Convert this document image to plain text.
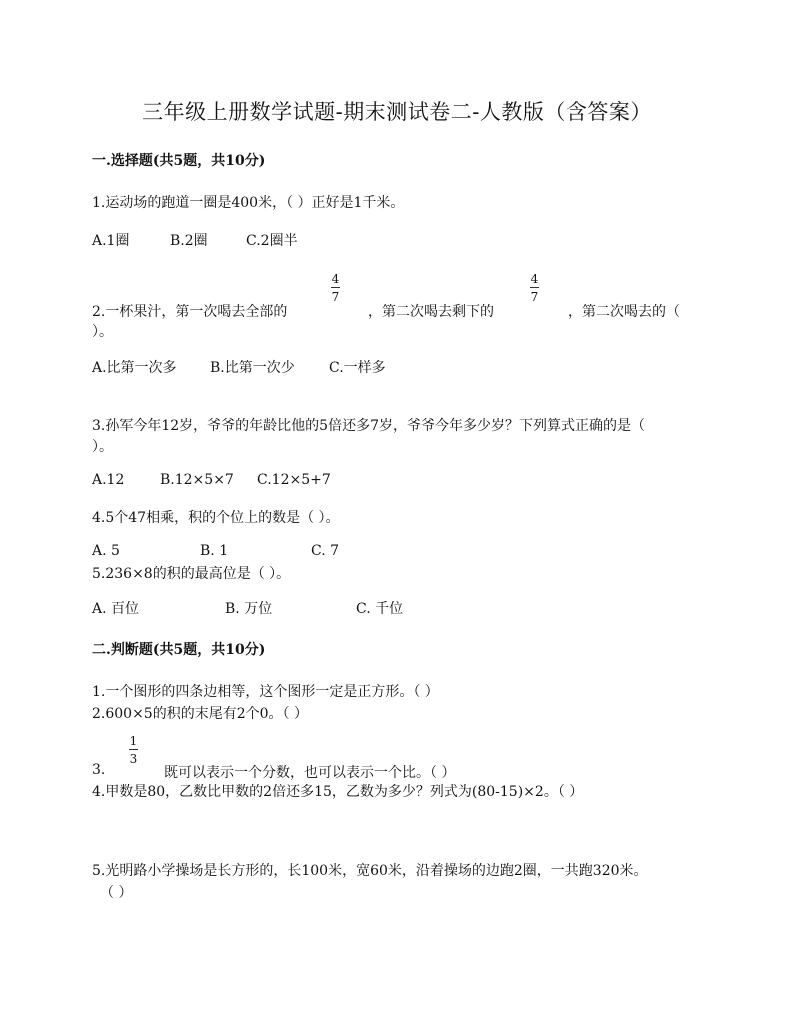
三年级上册数学试题-期末测试卷二-人教版（含答案）
一.选择题(共5题，共10分)
1.运动场的跑道一圈是400米，（ ）正好是1千米。
A.1圈	B.2圈	C.2圈半
2.一杯果汁，第一次喝去全部的
4
7
，第二次喝去剩下的
4
7
，第二次喝去的（
）。
A.比第一次多 B.比第一次少 C.一样多
3.孙军今年12岁，爷爷的年龄比他的5倍还多7岁，爷爷今年多少岁？下列算式正确的是（
）。
A.12	B.12×5×7 C.12×5+7
4.5个47相乘，积的个位上的数是（ ）。
A. 5	B. 1	C. 7
5.236×8的积的最高位是（ ）。
A. 百位	B. 万位	C. 千位
二.判断题(共5题，共10分)
1.一个图形的四条边相等，这个图形一定是正方形。（ ）
2.600×5的积的末尾有2个0。（ ）
1
3
3.	既可以表示一个分数，也可以表示一个比。（ ）
4.甲数是80，乙数比甲数的2倍还多15，乙数为多少？列式为(80-15)×2。（ ）
5.光明路小学操场是长方形的，长100米，宽60米，沿着操场的边跑2圈，一共跑320米。
（ ）
